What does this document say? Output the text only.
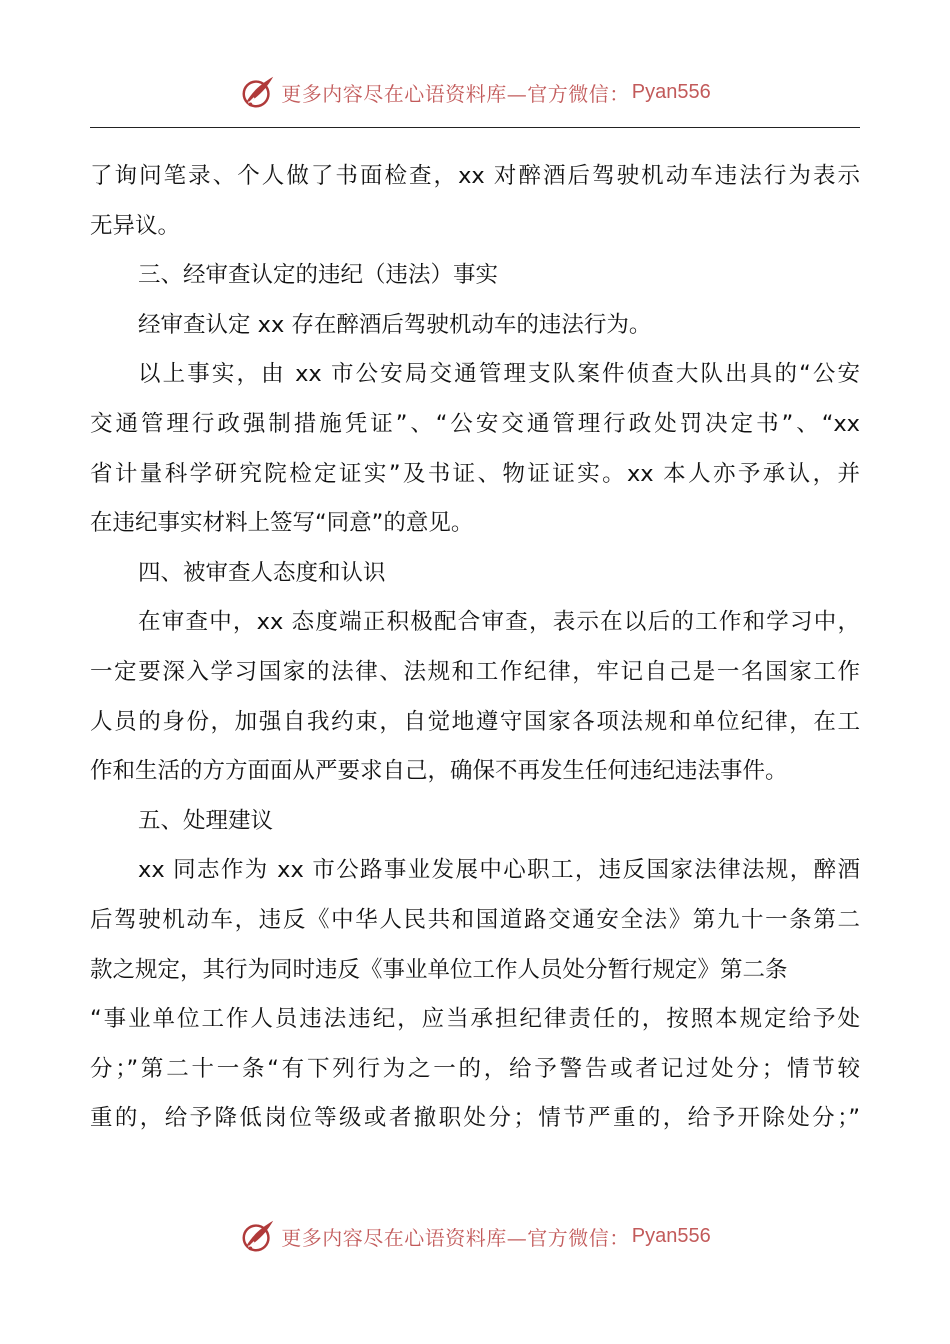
更多内容尽在心语资料库—官方微信： Pyan556
了询问笔录、个人做了书面检查，xx 对醉酒后驾驶机动车违法行为表示
无异议。
三、经审查认定的违纪（违法）事实
经审查认定 xx 存在醉酒后驾驶机动车的违法行为。
以上事实，由 xx 市公安局交通管理支队案件侦查大队出具的“公安
交通管理行政强制措施凭证”、“公安交通管理行政处罚决定书”、“xx
省计量科学研究院检定证实”及书证、物证证实。xx 本人亦予承认，并
在违纪事实材料上签写“同意”的意见。
四、被审查人态度和认识
在审查中，xx 态度端正积极配合审查，表示在以后的工作和学习中，
一定要深入学习国家的法律、法规和工作纪律，牢记自己是一名国家工作
人员的身份，加强自我约束，自觉地遵守国家各项法规和单位纪律，在工
作和生活的方方面面从严要求自己，确保不再发生任何违纪违法事件。
五、处理建议
xx 同志作为 xx 市公路事业发展中心职工，违反国家法律法规，醉酒
后驾驶机动车，违反《中华人民共和国道路交通安全法》第九十一条第二
款之规定，其行为同时违反《事业单位工作人员处分暂行规定》第二条
“事业单位工作人员违法违纪，应当承担纪律责任的，按照本规定给予处
分；”第二十一条“有下列行为之一的，给予警告或者记过处分；情节较
重的，给予降低岗位等级或者撤职处分；情节严重的，给予开除处分；”
更多内容尽在心语资料库—官方微信： Pyan556
